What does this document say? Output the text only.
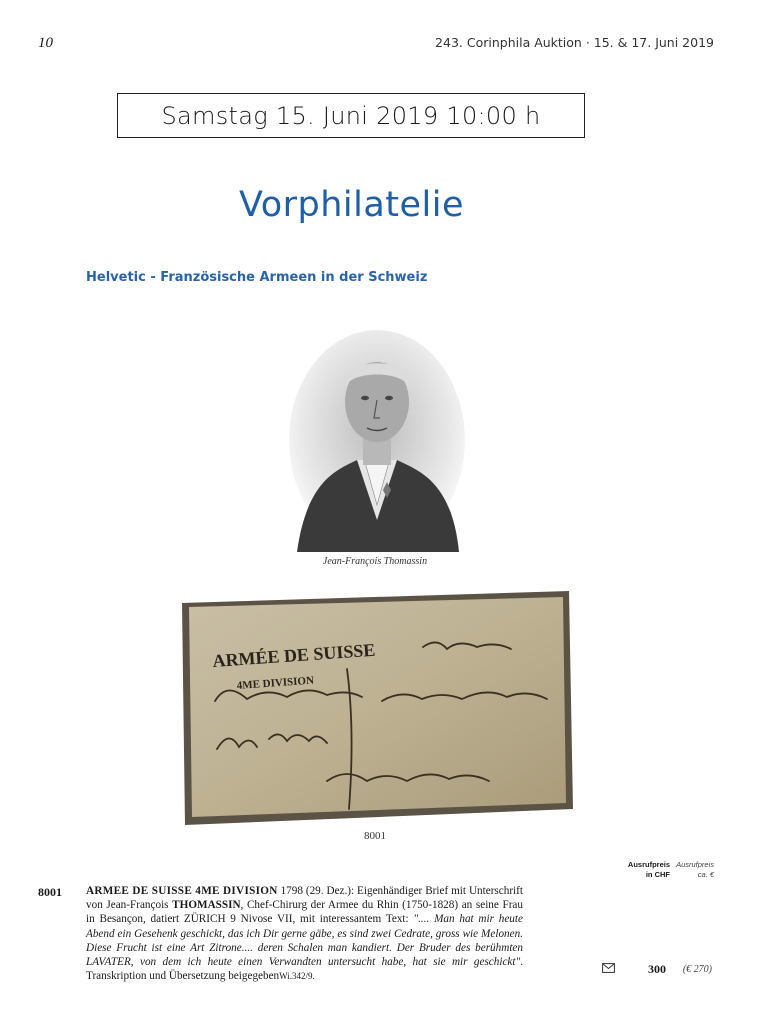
10	243. Corinphila Auktion · 15. & 17. Juni 2019
Samstag 15. Juni 2019 10:00 h
Vorphilatelie
Helvetic - Französische Armeen in der Schweiz
Jean-François Thomassin
ARMÉE DE SUISSE
4ME DIVISION
8001
Ausrufpreis
in CHF
Ausrufpreis
ca. €
8001 ARMEE DE SUISSE 4ME DIVISION 1798 (29. Dez.): Eigenhändiger Brief mit Unterschrift von Jean-François THOMASSIN, Chef-Chirurg der Armee du Rhin (1750-1828) an seine Frau in Besançon, datiert ZÜRICH 9 Nivose VII, mit interessantem Text: ".... Man hat mir heute Abend ein Gesehenk geschickt, das ich Dir gerne gäbe, es sind zwei Cedrate, gross wie Melonen. Diese Frucht ist eine Art Zitrone.... deren Schalen man kandiert. Der Bruder des berühmten LAVATER, von dem ich heute einen Verwandten untersucht habe, hat sie mir geschickt". Transkription und Übersetzung beigegebenWi.342/9.
300	(€ 270)
